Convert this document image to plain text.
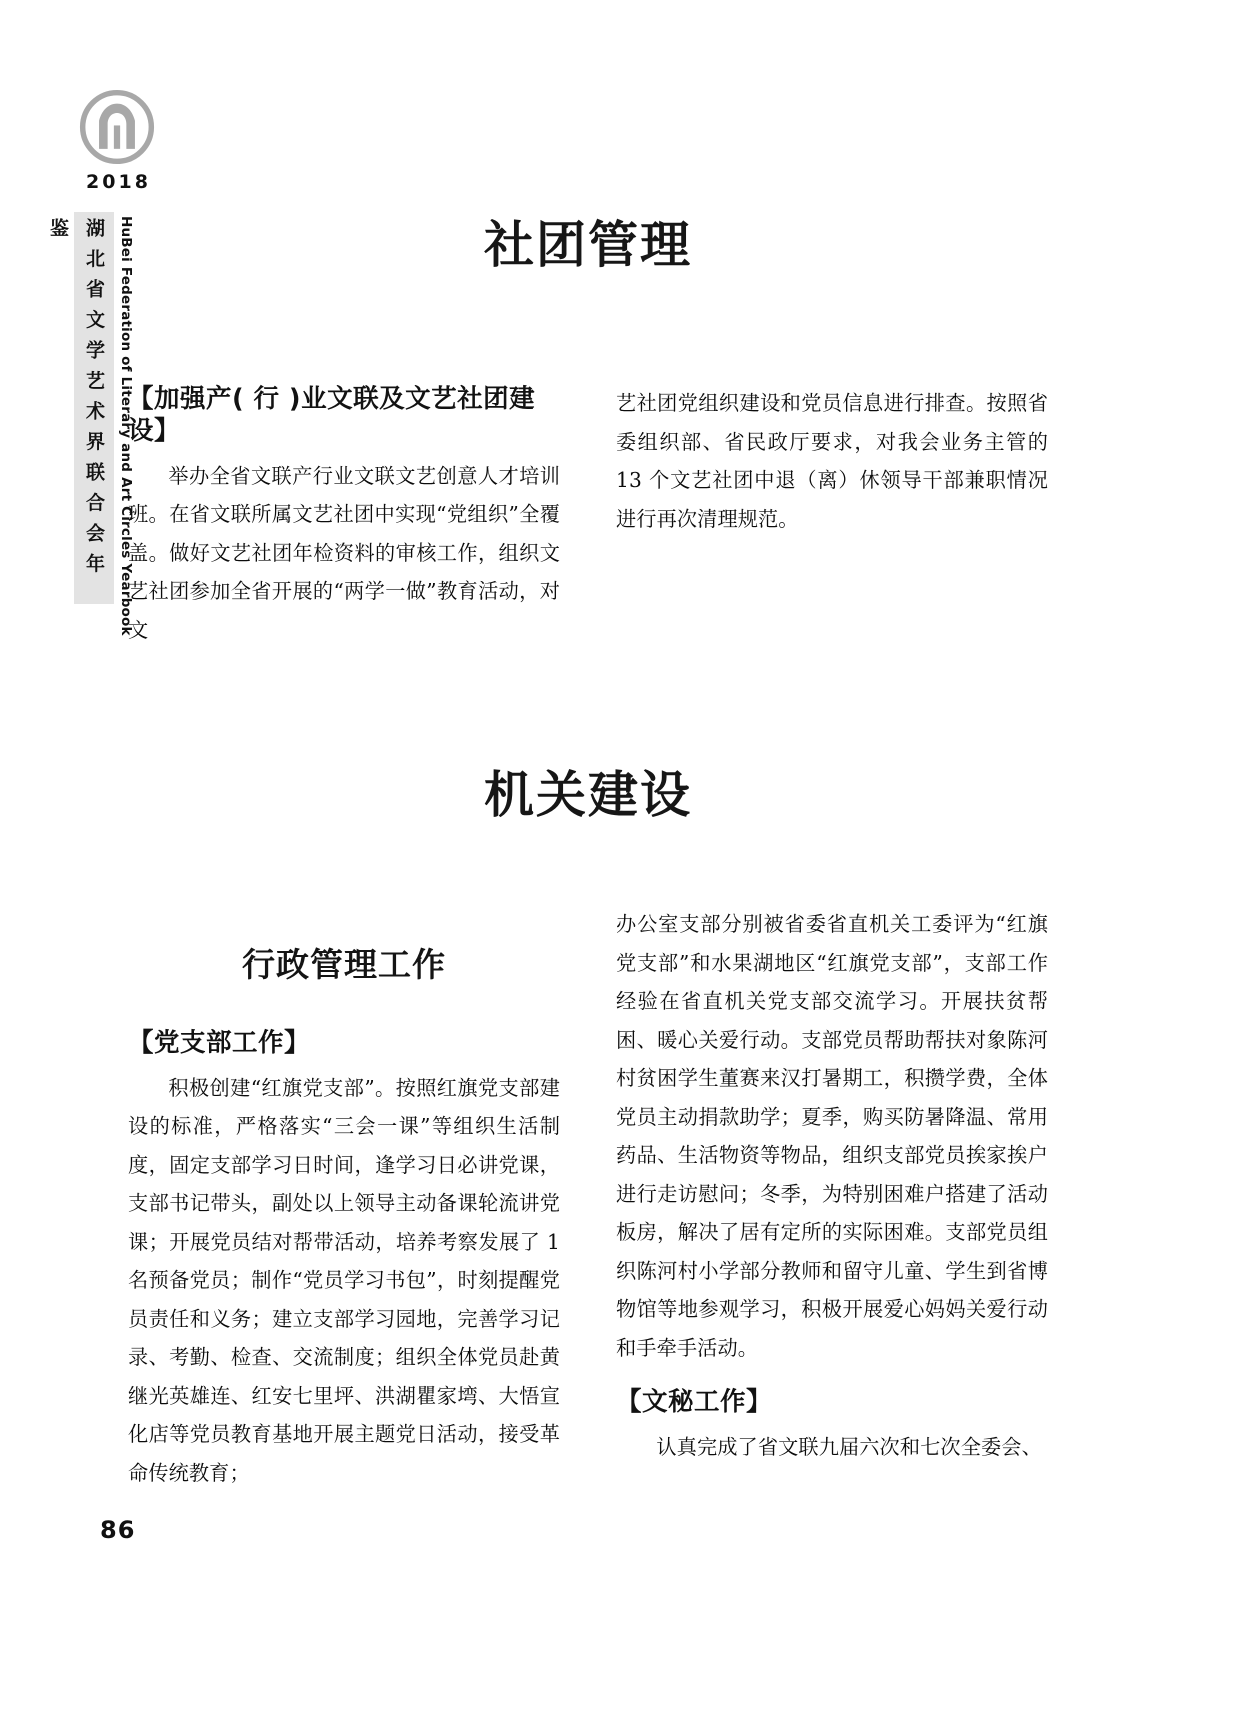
2018
湖北省文学艺术界联合会年鉴	HuBei Federation of Literary and Art Circles Yearbook	社团管理
【加强产( 行 )业文联及文艺社团建设】
举办全省文联产行业文联文艺创意人才培训班。在省文联所属文艺社团中实现“党组织”全覆盖。做好文艺社团年检资料的审核工作，组织文艺社团参加全省开展的“两学一做”教育活动，对文
艺社团党组织建设和党员信息进行排查。按照省委组织部、省民政厅要求，对我会业务主管的 13 个文艺社团中退（离）休领导干部兼职情况进行再次清理规范。
机关建设
行政管理工作
【党支部工作】
积极创建“红旗党支部”。按照红旗党支部建设的标准，严格落实“三会一课”等组织生活制度，固定支部学习日时间，逢学习日必讲党课，支部书记带头，副处以上领导主动备课轮流讲党课；开展党员结对帮带活动，培养考察发展了 1 名预备党员；制作“党员学习书包”，时刻提醒党员责任和义务；建立支部学习园地，完善学习记录、考勤、检查、交流制度；组织全体党员赴黄继光英雄连、红安七里坪、洪湖瞿家塆、大悟宣化店等党员教育基地开展主题党日活动，接受革命传统教育；
办公室支部分别被省委省直机关工委评为“红旗党支部”和水果湖地区“红旗党支部”，支部工作经验在省直机关党支部交流学习。开展扶贫帮困、暖心关爱行动。支部党员帮助帮扶对象陈河村贫困学生董赛来汉打暑期工，积攒学费，全体党员主动捐款助学；夏季，购买防暑降温、常用药品、生活物资等物品，组织支部党员挨家挨户进行走访慰问；冬季，为特别困难户搭建了活动板房，解决了居有定所的实际困难。支部党员组织陈河村小学部分教师和留守儿童、学生到省博物馆等地参观学习，积极开展爱心妈妈关爱行动和手牵手活动。
【文秘工作】
认真完成了省文联九届六次和七次全委会、
86
